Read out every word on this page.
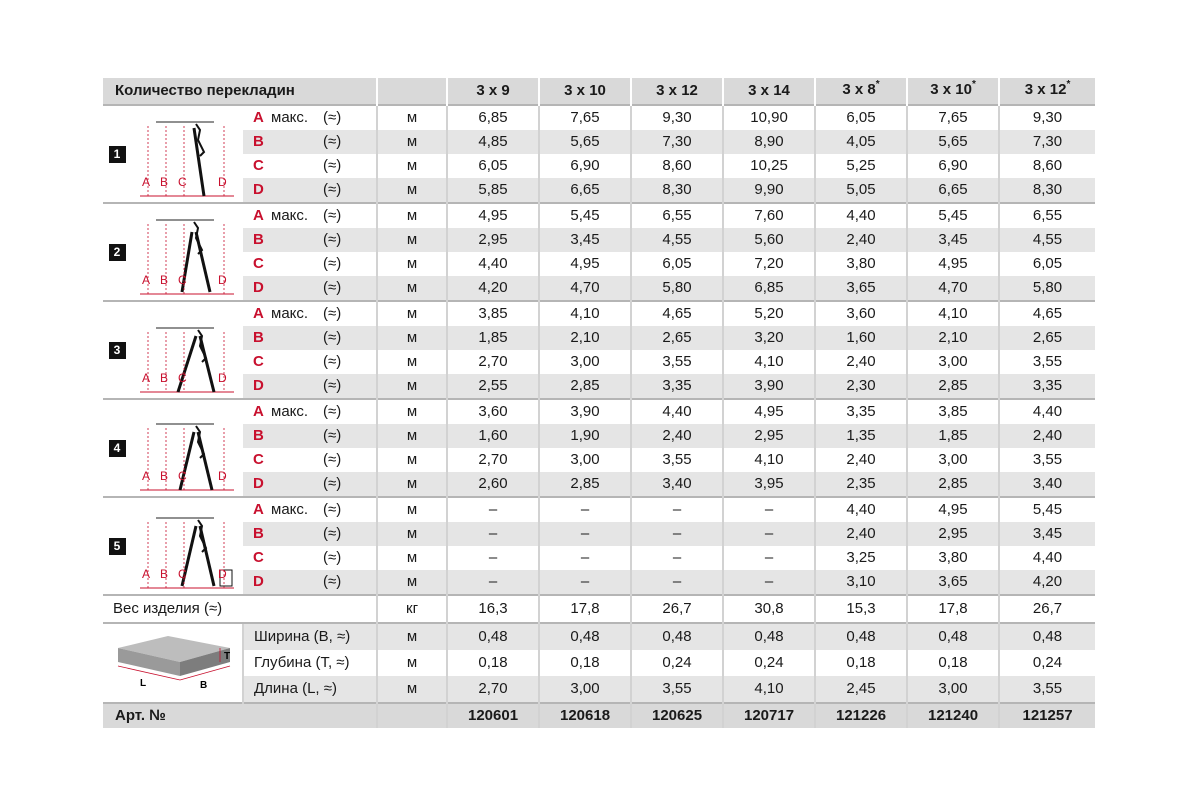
Количество перекладин				3 x 9	3 x 10	3 x 12	3 x 14	3 x 8*	3 x 10*	3 x 12*
1	A B C D	A макс. (≈)	м	6,85	7,65	9,30	10,90	6,05	7,65	9,30
		B (≈)	м	4,85	5,65	7,30	8,90	4,05	5,65	7,30
		C (≈)	м	6,05	6,90	8,60	10,25	5,25	6,90	8,60
		D (≈)	м	5,85	6,65	8,30	9,90	5,05	6,65	8,30
2	A B C D	A макс. (≈)	м	4,95	5,45	6,55	7,60	4,40	5,45	6,55
		B (≈)	м	2,95	3,45	4,55	5,60	2,40	3,45	4,55
		C (≈)	м	4,40	4,95	6,05	7,20	3,80	4,95	6,05
		D (≈)	м	4,20	4,70	5,80	6,85	3,65	4,70	5,80
3	A B C D	A макс. (≈)	м	3,85	4,10	4,65	5,20	3,60	4,10	4,65
		B (≈)	м	1,85	2,10	2,65	3,20	1,60	2,10	2,65
		C (≈)	м	2,70	3,00	3,55	4,10	2,40	3,00	3,55
		D (≈)	м	2,55	2,85	3,35	3,90	2,30	2,85	3,35
4	A B C D	A макс. (≈)	м	3,60	3,90	4,40	4,95	3,35	3,85	4,40
		B (≈)	м	1,60	1,90	2,40	2,95	1,35	1,85	2,40
		C (≈)	м	2,70	3,00	3,55	4,10	2,40	3,00	3,55
		D (≈)	м	2,60	2,85	3,40	3,95	2,35	2,85	3,40
5	A B C D	A макс. (≈)	м	–	–	–	–	4,40	4,95	5,45
		B (≈)	м	–	–	–	–	2,40	2,95	3,45
		C (≈)	м	–	–	–	–	3,25	3,80	4,40
		D (≈)	м	–	–	–	–	3,10	3,65	4,20
Вес изделия (≈)			кг	16,3	17,8	26,7	30,8	15,3	17,8	26,7

T
L B		Ширина (B, ≈)	м	0,48	0,48	0,48	0,48	0,48	0,48	0,48
		Глубина (T, ≈)	м	0,18	0,18	0,24	0,24	0,18	0,18	0,24
		Длина (L, ≈)	м	2,70	3,00	3,55	4,10	2,45	3,00	3,55
Арт. №				120601	120618	120625	120717	121226	121240	121257
